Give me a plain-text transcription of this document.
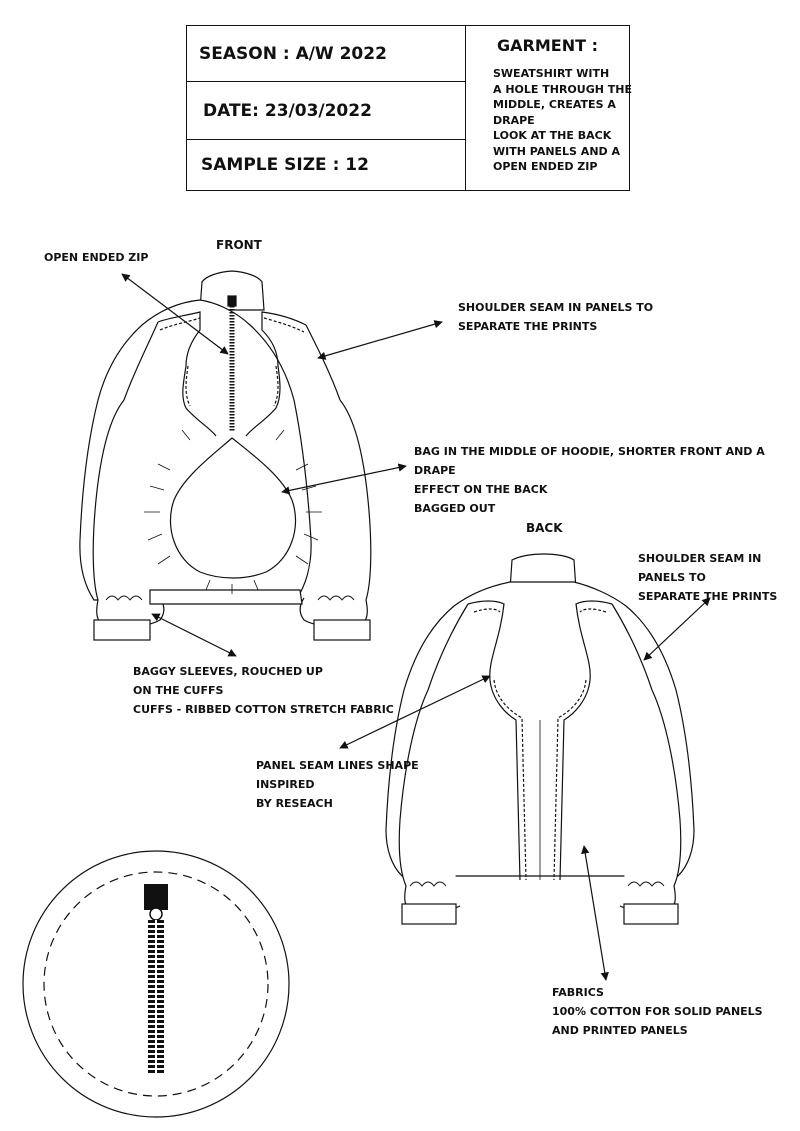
SEASON : A/W 2022
DATE: 23/03/2022
SAMPLE SIZE : 12
GARMENT :
SWEATSHIRT WITH
A HOLE THROUGH THE
MIDDLE, CREATES A DRAPE
LOOK AT THE BACK
WITH PANELS AND A
OPEN ENDED ZIP
FRONT
BACK
OPEN ENDED ZIP
SHOULDER SEAM IN PANELS TO
SEPARATE THE PRINTS
BAG IN THE MIDDLE OF HOODIE, SHORTER FRONT AND A DRAPE
EFFECT ON THE BACK
BAGGED OUT
BAGGY SLEEVES, ROUCHED UP
ON THE CUFFS
CUFFS - RIBBED COTTON STRETCH FABRIC
SHOULDER SEAM IN PANELS TO
SEPARATE THE PRINTS
PANEL SEAM LINES SHAPE
INSPIRED
BY RESEACH
FABRICS
100% COTTON FOR SOLID PANELS
AND PRINTED PANELS
